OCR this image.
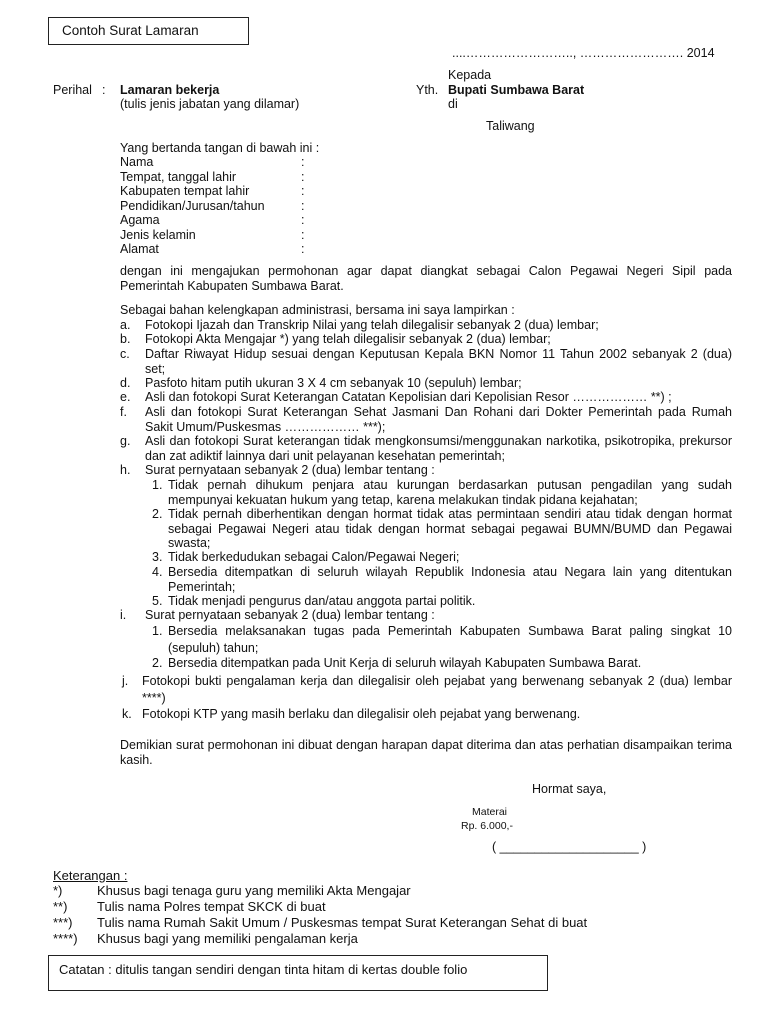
Contoh Surat Lamaran
....…………………….., ……………………. 2014
Kepada
Yth. Bupati Sumbawa Barat
di
Taliwang
Perihal : Lamaran bekerja
(tulis jenis jabatan yang dilamar)
Yang bertanda tangan di bawah ini :
Nama	:
Tempat, tanggal lahir	:
Kabupaten tempat lahir	:
Pendidikan/Jurusan/tahun	:
Agama	:
Jenis kelamin	:
Alamat	:
dengan ini mengajukan permohonan agar dapat diangkat sebagai Calon Pegawai Negeri Sipil pada Pemerintah Kabupaten Sumbawa Barat.
Sebagai bahan kelengkapan administrasi, bersama ini saya lampirkan :
a. Fotokopi Ijazah dan Transkrip Nilai yang telah dilegalisir sebanyak 2 (dua) lembar;
b. Fotokopi Akta Mengajar *) yang telah dilegalisir sebanyak 2 (dua) lembar;
c. Daftar Riwayat Hidup sesuai dengan Keputusan Kepala BKN Nomor 11 Tahun 2002 sebanyak 2 (dua) set;
d. Pasfoto hitam putih ukuran 3 X 4 cm sebanyak 10 (sepuluh) lembar;
e. Asli dan fotokopi Surat Keterangan Catatan Kepolisian dari Kepolisian Resor ……………… **) ;
f. Asli dan fotokopi Surat Keterangan Sehat Jasmani Dan Rohani dari Dokter Pemerintah pada Rumah Sakit Umum/Puskesmas ……………… ***);
g. Asli dan fotokopi Surat keterangan tidak mengkonsumsi/menggunakan narkotika, psikotropika, prekursor dan zat adiktif lainnya dari unit pelayanan kesehatan pemerintah;
h. Surat pernyataan sebanyak 2 (dua) lembar tentang :
1. Tidak pernah dihukum penjara atau kurungan berdasarkan putusan pengadilan yang sudah mempunyai kekuatan hukum yang tetap, karena melakukan tindak pidana kejahatan;
2. Tidak pernah diberhentikan dengan hormat tidak atas permintaan sendiri atau tidak dengan hormat sebagai Pegawai Negeri atau tidak dengan hormat sebagai pegawai BUMN/BUMD dan Pegawai swasta;
3. Tidak berkedudukan sebagai Calon/Pegawai Negeri;
4. Bersedia ditempatkan di seluruh wilayah Republik Indonesia atau Negara lain yang ditentukan Pemerintah;
5. Tidak menjadi pengurus dan/atau anggota partai politik.
i. Surat pernyataan sebanyak 2 (dua) lembar tentang :
1. Bersedia melaksanakan tugas pada Pemerintah Kabupaten Sumbawa Barat paling singkat 10 (sepuluh) tahun;
2. Bersedia ditempatkan pada Unit Kerja di seluruh wilayah Kabupaten Sumbawa Barat.
j. Fotokopi bukti pengalaman kerja dan dilegalisir oleh pejabat yang berwenang sebanyak 2 (dua) lembar ****)
k. Fotokopi KTP yang masih berlaku dan dilegalisir oleh pejabat yang berwenang.
Demikian surat permohonan ini dibuat dengan harapan dapat diterima dan atas perhatian disampaikan terima kasih.
Hormat saya,
Materai
Rp. 6.000,-
( ____________________ )
Keterangan :
*)	Khusus bagi tenaga guru yang memiliki Akta Mengajar
**) Tulis nama Polres tempat SKCK di buat
***) Tulis nama Rumah Sakit Umum / Puskesmas tempat Surat Keterangan Sehat di buat
****) Khusus bagi yang memiliki pengalaman kerja
Catatan : ditulis tangan sendiri dengan tinta hitam di kertas double folio
